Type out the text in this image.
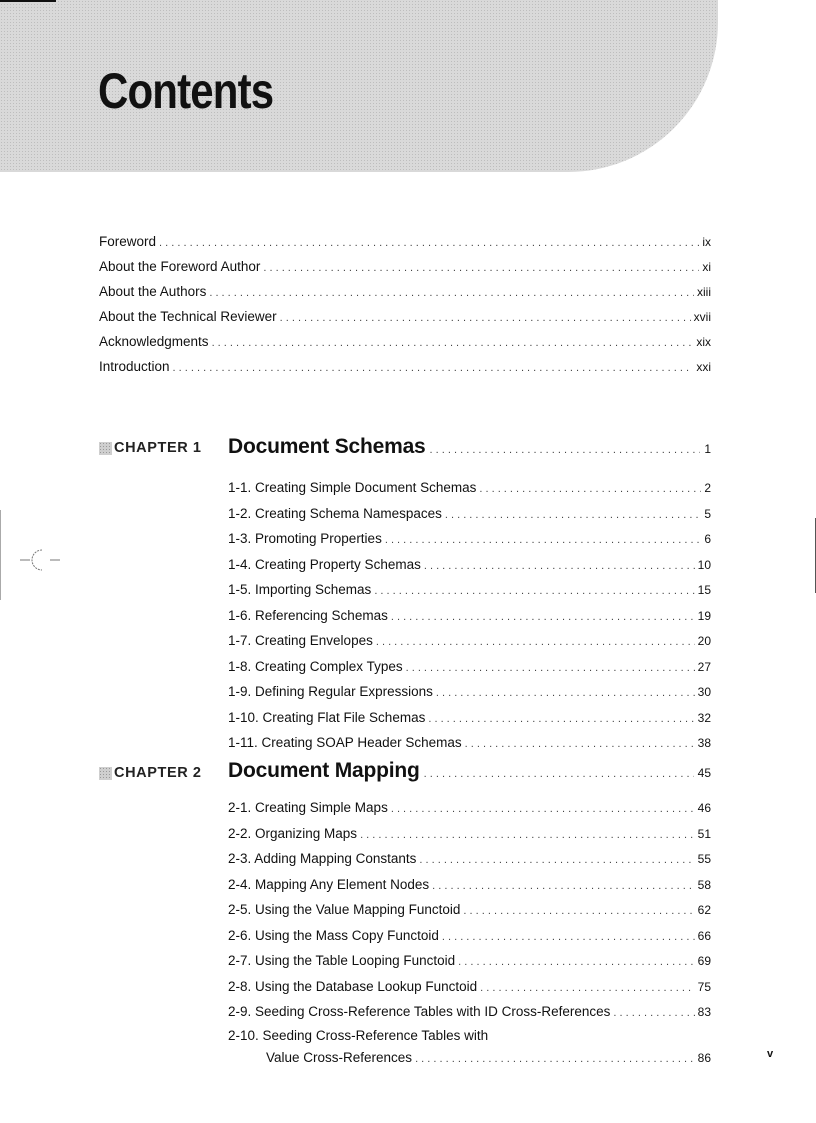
Contents
Foreword . . .	ix
About the Foreword Author . . .	xi
About the Authors . . .	xiii
About the Technical Reviewer . . .	xvii
Acknowledgments . . .	xix
Introduction . . .	xxi
CHAPTER 1 Document Schemas . . .	1
1-1. Creating Simple Document Schemas . . .	2
1-2. Creating Schema Namespaces . . .	5
1-3. Promoting Properties . . .	6
1-4. Creating Property Schemas . . .	10
1-5. Importing Schemas . . .	15
1-6. Referencing Schemas . . .	19
1-7. Creating Envelopes . . .	20
1-8. Creating Complex Types . . .	27
1-9. Defining Regular Expressions . . .	30
1-10. Creating Flat File Schemas . . .	32
1-11. Creating SOAP Header Schemas . . .	38
CHAPTER 2 Document Mapping . . .	45
2-1. Creating Simple Maps . . .	46
2-2. Organizing Maps . . .	51
2-3. Adding Mapping Constants . . .	55
2-4. Mapping Any Element Nodes . . .	58
2-5. Using the Value Mapping Functoid . . .	62
2-6. Using the Mass Copy Functoid . . .	66
2-7. Using the Table Looping Functoid . . .	69
2-8. Using the Database Lookup Functoid . . .	75
2-9. Seeding Cross-Reference Tables with ID Cross-References . . .	83
2-10. Seeding Cross-Reference Tables with
Value Cross-References . . .	86	v
